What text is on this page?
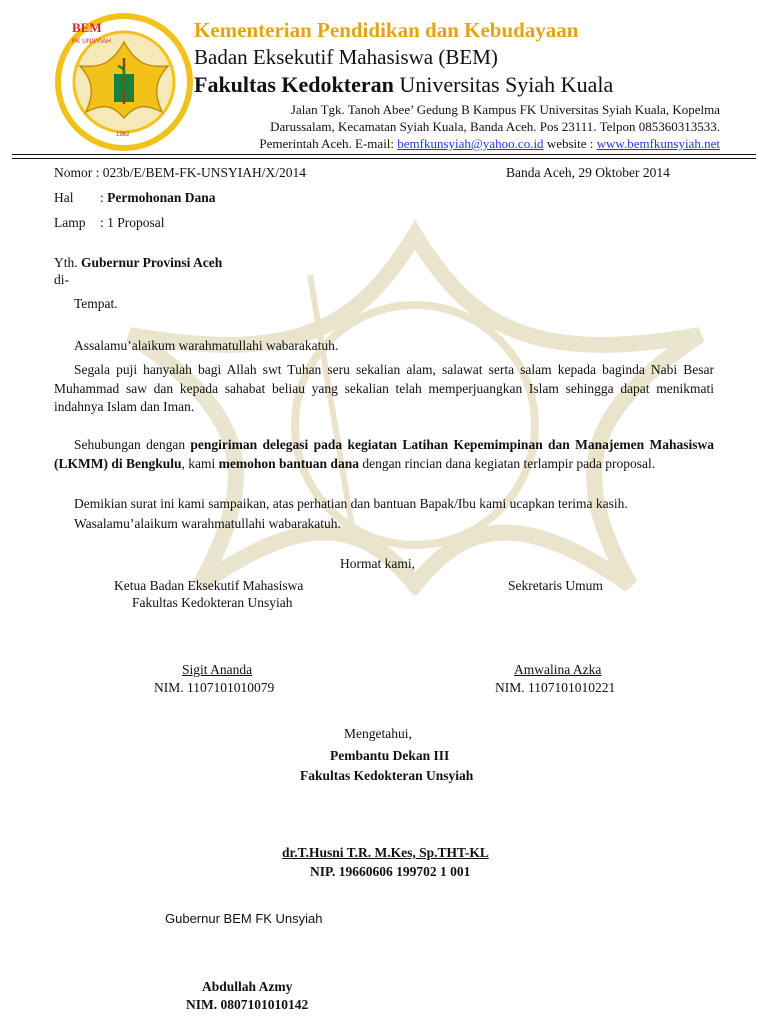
BEM
FK UNSYIAH
1982
Kementerian Pendidikan dan Kebudayaan
Badan Eksekutif Mahasiswa (BEM)
Fakultas Kedokteran Universitas Syiah Kuala
Jalan Tgk. Tanoh Abee’ Gedung B Kampus FK Universitas Syiah Kuala, Kopelma
Darussalam, Kecamatan Syiah Kuala, Banda Aceh. Pos 23111. Telpon 085360313533.
Pemerintah Aceh. E-mail: bemfkunsyiah@yahoo.co.id website : www.bemfkunsyiah.net
Nomor : 023b/E/BEM-FK-UNSYIAH/X/2014	Banda Aceh, 29 Oktober 2014
Hal : Permohonan Dana
Lamp : 1 Proposal
Yth. Gubernur Provinsi Aceh
di-
Tempat.
Assalamu’alaikum warahmatullahi wabarakatuh.
Segala puji hanyalah bagi Allah swt Tuhan seru sekalian alam, salawat serta salam kepada baginda Nabi Besar Muhammad saw dan kepada sahabat beliau yang sekalian telah memperjuangkan Islam sehingga dapat menikmati indahnya Islam dan Iman.
Sehubungan dengan pengiriman delegasi pada kegiatan Latihan Kepemimpinan dan Manajemen Mahasiswa (LKMM) di Bengkulu, kami memohon bantuan dana dengan rincian dana kegiatan terlampir pada proposal.
Demikian surat ini kami sampaikan, atas perhatian dan bantuan Bapak/Ibu kami ucapkan terima kasih.
Wasalamu’alaikum warahmatullahi wabarakatuh.
Hormat kami,
Ketua Badan Eksekutif Mahasiswa
Fakultas Kedokteran Unsyiah
Sekretaris Umum
Sigit Ananda
NIM. 1107101010079
Amwalina Azka
NIM. 1107101010221
Mengetahui,
Pembantu Dekan III
Fakultas Kedokteran Unsyiah
dr.T.Husni T.R. M.Kes, Sp.THT-KL
NIP. 19660606 199702 1 001
Gubernur BEM FK Unsyiah
Abdullah Azmy
NIM. 0807101010142
